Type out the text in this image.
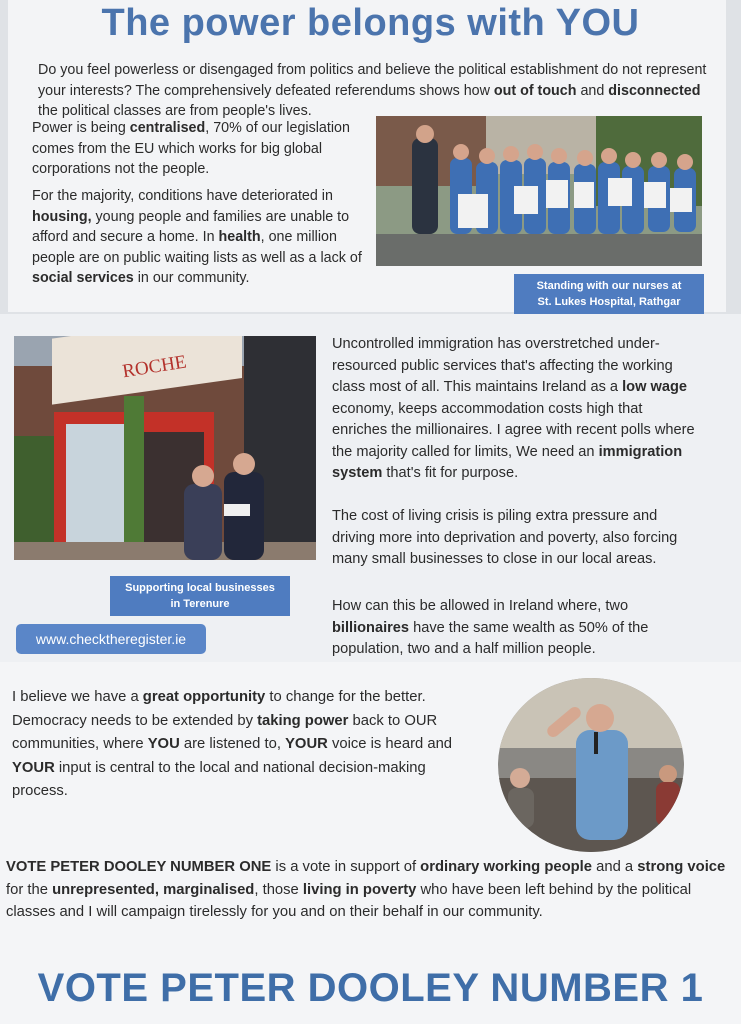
The power belongs with YOU

Do you feel powerless or disengaged from politics and believe the political establishment do not represent your interests? The comprehensively defeated referendums shows how out of touch and disconnected the political classes are from people's lives.

Power is being centralised, 70% of our legislation comes from the EU which works for big global corporations not the people.

For the majority, conditions have deteriorated in housing, young people and families are unable to afford and secure a home. In health, one million people are on public waiting lists as well as a lack of social services in our community.	Standing with our nurses at
St. Lukes Hospital, Rathgar
ROCHE
Supporting local businesses
in Terenure
www.checktheregister.ie

Uncontrolled immigration has overstretched under-resourced public services that's affecting the working class most of all. This maintains Ireland as a low wage economy, keeps accommodation costs high that enriches the millionaires. I agree with recent polls where the majority called for limits, We need an immigration system that's fit for purpose.

The cost of living crisis is piling extra pressure and driving more into deprivation and poverty, also forcing many small businesses to close in our local areas.

How can this be allowed in Ireland where, two billionaires have the same wealth as 50% of the population, two and a half million people.

I believe we have a great opportunity to change for the better. Democracy needs to be extended by taking power back to OUR communities, where YOU are listened to, YOUR voice is heard and YOUR input is central to the local and national decision-making process.

VOTE PETER DOOLEY NUMBER ONE is a vote in support of ordinary working people and a strong voice for the unrepresented, marginalised, those living in poverty who have been left behind by the political classes and I will campaign tirelessly for you and on their behalf in our community.

VOTE PETER DOOLEY NUMBER 1
